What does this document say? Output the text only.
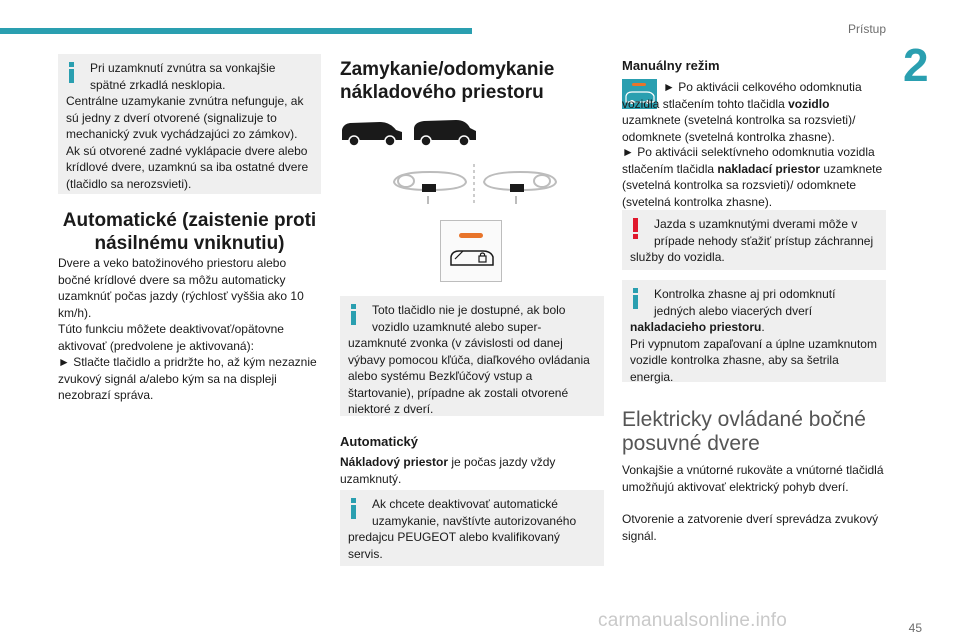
Prístup
2
Pri uzamknutí zvnútra sa vonkajšie spätné zrkadlá nesklopia.
Centrálne uzamykanie zvnútra nefunguje, ak sú jedny z dverí otvorené (signalizuje to mechanický zvuk vychádzajúci zo zámkov).
Ak sú otvorené zadné vyklápacie dvere alebo krídlové dvere, uzamknú sa iba ostatné dvere (tlačidlo sa nerozsvieti).
Automatické (zaistenie proti násilnému vniknutiu)
Dvere a veko batožinového priestoru alebo bočné krídlové dvere sa môžu automaticky uzamknúť počas jazdy (rýchlosť vyššia ako 10 km/h).
Túto funkciu môžete deaktivovať/opätovne aktivovať (predvolene je aktivovaná):
► Stlačte tlačidlo a pridržte ho, až kým nezaznie zvukový signál a/alebo kým sa na displeji nezobrazí správa.
Zamykanie/odomykanie nákladového priestoru
Toto tlačidlo nie je dostupné, ak bolo vozidlo uzamknuté alebo super-
uzamknuté zvonka (v závislosti od danej výbavy pomocou kľúča, diaľkového ovládania alebo systému Bezkľúčový vstup a štartovanie), prípadne ak zostali otvorené niektoré z dverí.
Automatický
Nákladový priestor je počas jazdy vždy uzamknutý.
Ak chcete deaktivovať automatické uzamykanie, navštívte autorizovaného
predajcu PEUGEOT alebo kvalifikovaný servis.
Manuálny režim
► Po aktivácii celkového odomknutia vozidla stlačením tohto tlačidla vozidlo uzamknete (svetelná kontrolka sa rozsvieti)/ odomknete (svetelná kontrolka zhasne).
► Po aktivácii selektívneho odomknutia vozidla stlačením tlačidla nakladací priestor uzamknete (svetelná kontrolka sa rozsvieti)/ odomknete (svetelná kontrolka zhasne).
Jazda s uzamknutými dverami môže v prípade nehody sťažiť prístup záchrannej
služby do vozidla.
Kontrolka zhasne aj pri odomknutí jedných alebo viacerých dverí
nakladacieho priestoru.
Pri vypnutom zapaľovaní a úplne uzamknutom vozidle kontrolka zhasne, aby sa šetrila energia.
Elektricky ovládané bočné posuvné dvere
Vonkajšie a vnútorné rukoväte a vnútorné tlačidlá umožňujú aktivovať elektrický pohyb dverí.
Otvorenie a zatvorenie dverí sprevádza zvukový signál.
carmanualsonline.info	45
